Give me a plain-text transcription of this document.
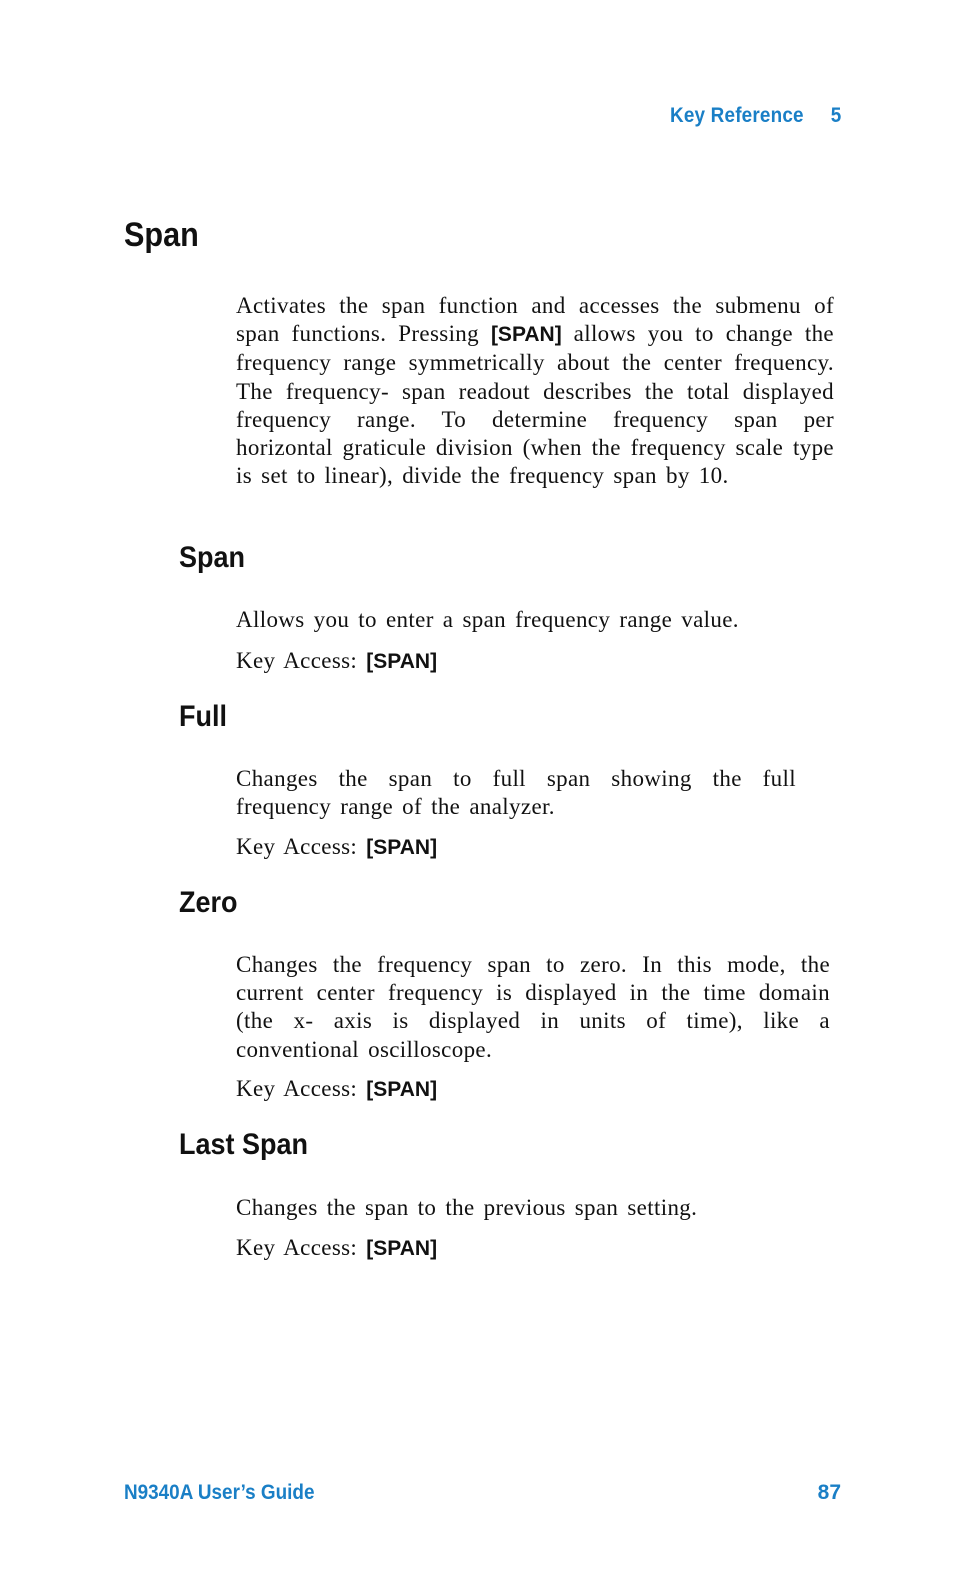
Key Reference 5
Span

Activates the span function and accesses the submenu of span functions. Pressing [SPAN] allows you to change the frequency range symmetrically about the center frequency. The frequency- span readout describes the total displayed frequency range. To determine frequency span per horizontal graticule division (when the frequency scale type is set to linear), divide the frequency span by 10.

Span

Allows you to enter a span frequency range value.

Key Access: [SPAN]

Full

Changes the span to full span showing the full frequency range of the analyzer.

Key Access: [SPAN]

Zero

Changes the frequency span to zero. In this mode, the current center frequency is displayed in the time domain (the x- axis is displayed in units of time), like a conventional oscilloscope.

Key Access: [SPAN]

Last Span

Changes the span to the previous span setting.

Key Access: [SPAN]

N9340A User’s Guide	87
